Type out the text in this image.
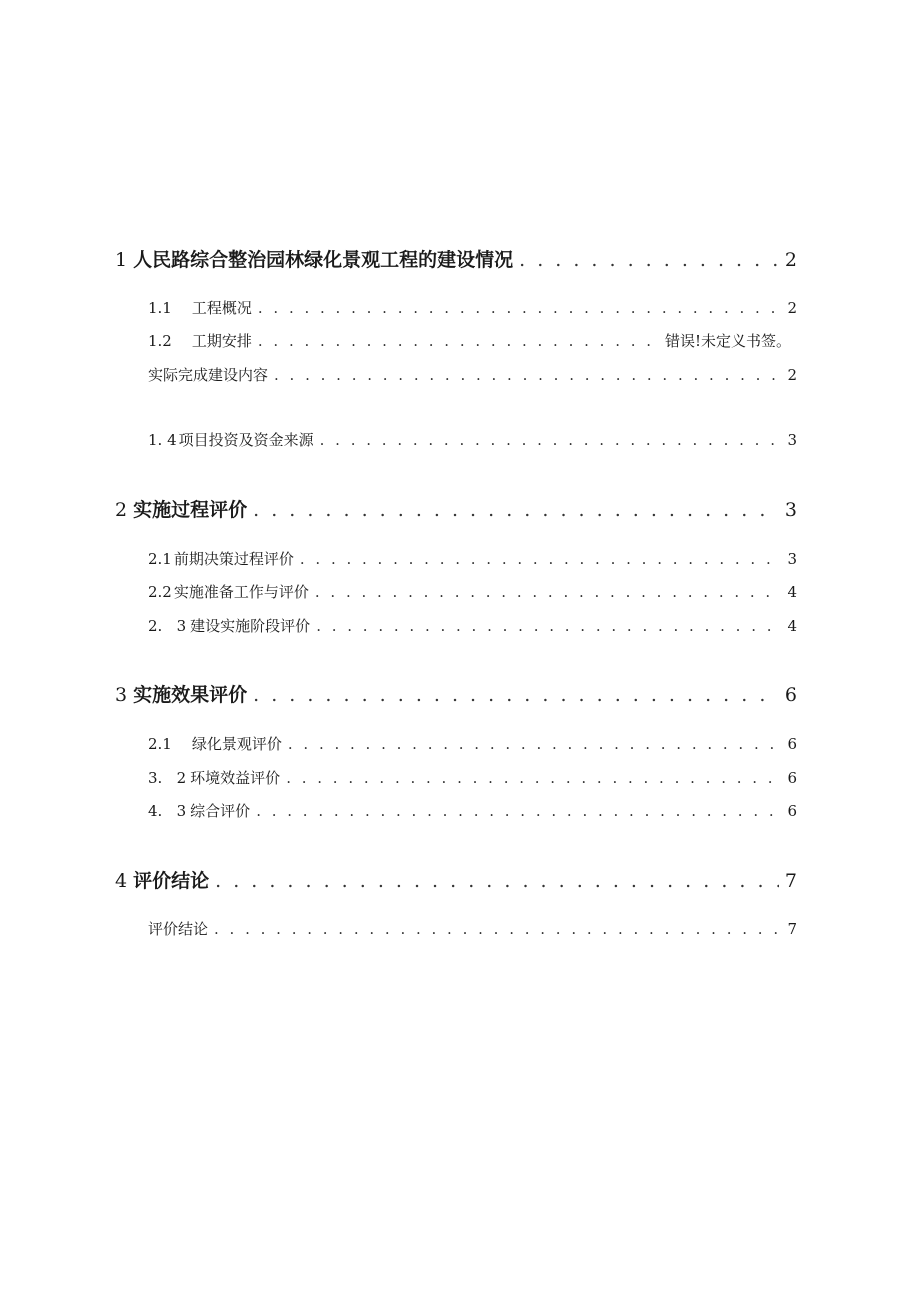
1 人民路综合整治园林绿化景观工程的建设情况 . . .	2
1.1 工程概况 . . .	2
1.2 工期安排 . . .	错误!未定义书签。
实际完成建设内容 . . .	2
1. 4 项目投资及资金来源 . . .	3
2 实施过程评价 . . .	3
2.1 前期决策过程评价 . . .	3
2.2 实施准备工作与评价 . . .	4
2.   3 建设实施阶段评价 . . .	4
3 实施效果评价 . . .	6
2.1 绿化景观评价 . . .	6
3.   2 环境效益评价 . . .	6
4.   3 综合评价 . . .	6
4 评价结论 . . .	7
评价结论 . . .	7
